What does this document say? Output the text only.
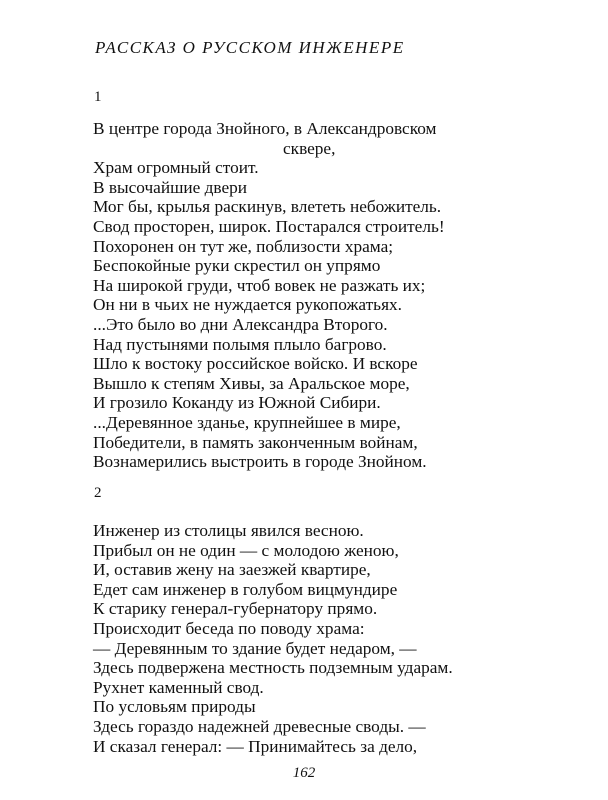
РАССКАЗ О РУССКОМ ИНЖЕНЕРЕ
1
В центре города Знойного, в Александровском
сквере,
Храм огромный стоит.
В высочайшие двери
Мог бы, крылья раскинув, влететь небожитель.
Свод просторен, широк. Постарался строитель!
Похоронен он тут же, поблизости храма;
Беспокойные руки скрестил он упрямо
На широкой груди, чтоб вовек не разжать их;
Он ни в чьих не нуждается рукопожатьях.
...Это было во дни Александра Второго.
Над пустынями полымя плыло багрово.
Шло к востоку российское войско. И вскоре
Вышло к степям Хивы, за Аральское море,
И грозило Коканду из Южной Сибири.
...Деревянное зданье, крупнейшее в мире,
Победители, в память законченным войнам,
Вознамерились выстроить в городе Знойном.
2
Инженер из столицы явился весною.
Прибыл он не один — с молодою женою,
И, оставив жену на заезжей квартире,
Едет сам инженер в голубом вицмундире
К старику генерал-губернатору прямо.
Происходит беседа по поводу храма:
— Деревянным то здание будет недаром, —
Здесь подвержена местность подземным ударам.
Рухнет каменный свод.
По условьям природы
Здесь гораздо надежней древесные своды. —
И сказал генерал: — Принимайтесь за дело,
162
